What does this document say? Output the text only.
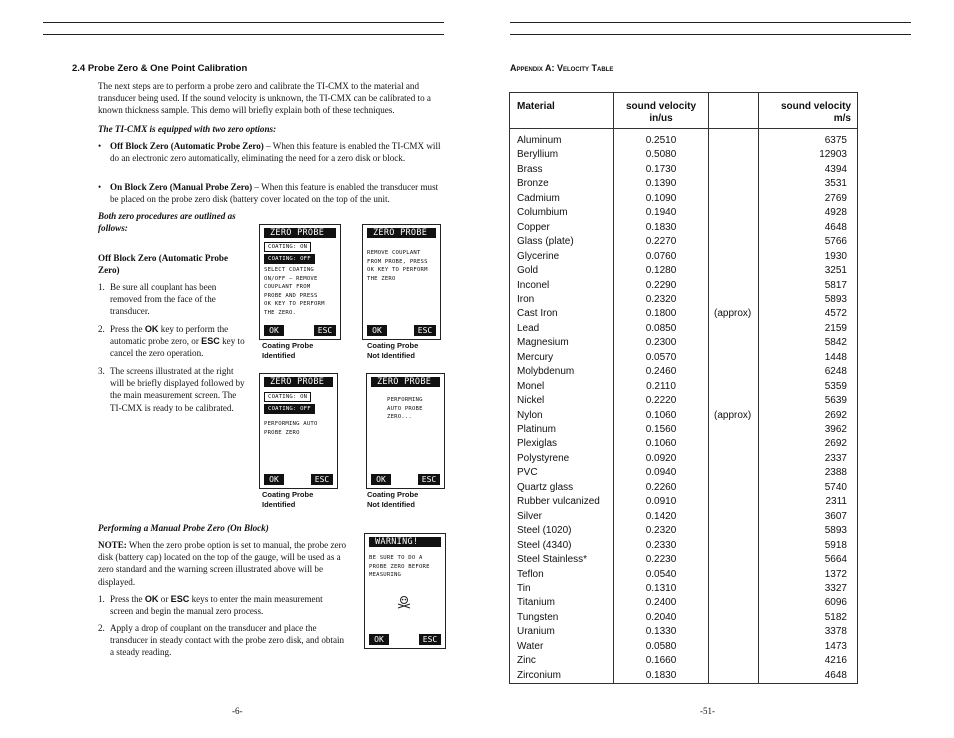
2.4 Probe Zero & One Point Calibration
The next steps are to perform a probe zero and calibrate the TI-CMX to the material and transducer being used. If the sound velocity is unknown, the TI-CMX can be calibrated to a known thickness sample. This demo will briefly explain both of these techniques.
The TI-CMX is equipped with two zero options:
• Off Block Zero (Automatic Probe Zero) – When this feature is enabled the TI-CMX will do an electronic zero automatically, eliminating the need for a zero disk or block.
• On Block Zero (Manual Probe Zero) – When this feature is enabled the transducer must be placed on the probe zero disk (battery cover located on the top of the unit.
Both zero procedures are outlined as
follows:
Off Block Zero (Automatic Probe
Zero)
1. Be sure all couplant has been removed from the face of the transducer.
2. Press the OK key to perform the automatic probe zero, or ESC key to cancel the zero operation.
3. The screens illustrated at the right will be briefly displayed followed by the main measurement screen. The TI-CMX is ready to be calibrated.
ZERO PROBE
COATING: ON
COATING: OFF
SELECT COATING
ON/OFF – REMOVE
COUPLANT FROM
PROBE AND PRESS
OK KEY TO PERFORM
THE ZERO.
OK	ESC
Coating Probe
Identified
ZERO PROBE
REMOVE COUPLANT
FROM PROBE, PRESS
OK KEY TO PERFORM
THE ZERO
OK	ESC
Coating Probe
Not Identified
ZERO PROBE
COATING: ON
COATING: OFF
PERFORMING AUTO
PROBE ZERO
OK	ESC
Coating Probe
Identified
ZERO PROBE
PERFORMING
AUTO PROBE
ZERO...
OK	ESC
Coating Probe
Not Identified
Performing a Manual Probe Zero (On Block)
NOTE: When the zero probe option is set to manual, the probe zero disk (battery cap) located on the top of the gauge, will be used as a zero standard and the warning screen illustrated above will be displayed.
1. Press the OK or ESC keys to enter the main measurement screen and begin the manual zero process.
2. Apply a drop of couplant on the transducer and place the transducer in steady contact with the probe zero disk, and obtain a steady reading.
WARNING!
BE SURE TO DO A
PROBE ZERO BEFORE
MEASURING
OK	ESC
-6-
Appendix A: Velocity Table
Material	sound velocity
in/us
sound velocity
m/s
Aluminum	0.2510	6375
Beryllium	0.5080	12903
Brass	0.1730	4394
Bronze	0.1390	3531
Cadmium	0.1090	2769
Columbium	0.1940	4928
Copper	0.1830	4648
Glass (plate)	0.2270	5766
Glycerine	0.0760	1930
Gold	0.1280	3251
Inconel	0.2290	5817
Iron	0.2320	5893
Cast Iron	0.1800	(approx)	4572
Lead	0.0850	2159
Magnesium	0.2300	5842
Mercury	0.0570	1448
Molybdenum	0.2460	6248
Monel	0.2110	5359
Nickel	0.2220	5639
Nylon	0.1060	(approx)	2692
Platinum	0.1560	3962
Plexiglas	0.1060	2692
Polystyrene	0.0920	2337
PVC	0.0940	2388
Quartz glass	0.2260	5740
Rubber vulcanized	0.0910	2311
Silver	0.1420	3607
Steel (1020)	0.2320	5893
Steel (4340)	0.2330	5918
Steel Stainless*	0.2230	5664
Teflon	0.0540	1372
Tin	0.1310	3327
Titanium	0.2400	6096
Tungsten	0.2040	5182
Uranium	0.1330	3378
Water	0.0580	1473
Zinc	0.1660	4216
Zirconium	0.1830	4648
-51-
